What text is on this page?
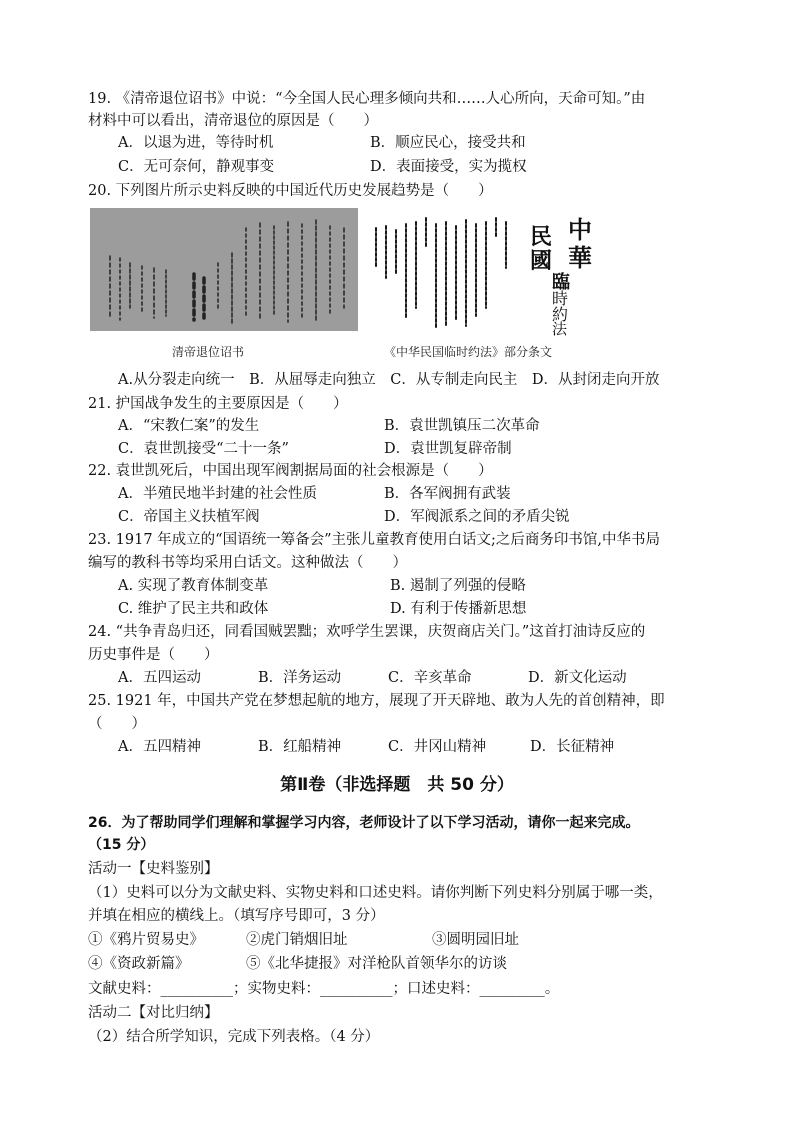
19. 《清帝退位诏书》中说：“今全国人民心理多倾向共和……人心所向，天命可知。”由
材料中可以看出，清帝退位的原因是（　　）
A．以退为进，等待时机	B．顺应民心，接受共和
C．无可奈何，静观事变	D．表面接受，实为揽权
20. 下列图片所示史料反映的中国近代历史发展趋势是（　　）
中
華
民
國
臨
時
約
法
清帝退位诏书	《中华民国临时约法》部分条文
A.从分裂走向统一　B．从屈辱走向独立　C．从专制走向民主　D．从封闭走向开放
21. 护国战争发生的主要原因是（　　）
A．“宋教仁案”的发生	B．袁世凯镇压二次革命
C．袁世凯接受“二十一条”	D．袁世凯复辟帝制
22. 袁世凯死后，中国出现军阀割据局面的社会根源是（　　）
A．半殖民地半封建的社会性质	B．各军阀拥有武装
C．帝国主义扶植军阀	D．军阀派系之间的矛盾尖锐
23. 1917 年成立的“国语统一筹备会”主张儿童教育使用白话文;之后商务印书馆,中华书局
编写的教科书等均采用白话文。这种做法（　　）
A. 实现了教育体制变革	B. 遏制了列强的侵略
C. 维护了民主共和政体	D. 有利于传播新思想
24. “共争青岛归还，同看国贼罢黜；欢呼学生罢课，庆贺商店关门。”这首打油诗反应的
历史事件是（　　）
A．五四运动	B．洋务运动	C．辛亥革命	D．新文化运动
25. 1921 年，中国共产党在梦想起航的地方，展现了开天辟地、敢为人先的首创精神，即
（　　）
A．五四精神	B．红船精神	C．井冈山精神	D．长征精神
第Ⅱ卷（非选择题　共 50 分）
26．为了帮助同学们理解和掌握学习内容，老师设计了以下学习活动，请你一起来完成。
（15 分）
活动一【史料鉴别】
（1）史料可以分为文献史料、实物史料和口述史料。请你判断下列史料分别属于哪一类，
并填在相应的横线上。（填写序号即可，3 分）
①《鸦片贸易史》	②虎门销烟旧址	③圆明园旧址
④《资政新篇》	⑤《北华捷报》对洋枪队首领华尔的访谈
文献史料：__________；实物史料：__________；口述史料：_________。
活动二【对比归纳】
（2）结合所学知识，完成下列表格。（4 分）
